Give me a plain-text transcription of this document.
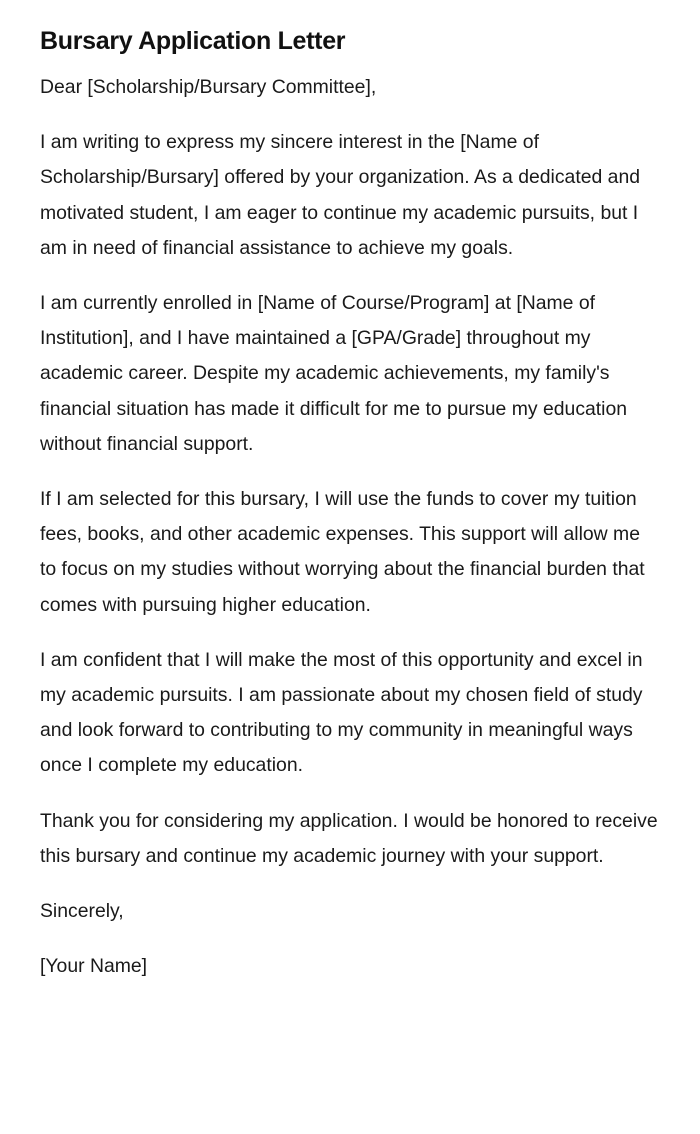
Bursary Application Letter

Dear [Scholarship/Bursary Committee],

I am writing to express my sincere interest in the [Name of Scholarship/Bursary] offered by your organization. As a dedicated and motivated student, I am eager to continue my academic pursuits, but I am in need of financial assistance to achieve my goals.

I am currently enrolled in [Name of Course/Program] at [Name of Institution], and I have maintained a [GPA/Grade] throughout my academic career. Despite my academic achievements, my family's financial situation has made it difficult for me to pursue my education without financial support.

If I am selected for this bursary, I will use the funds to cover my tuition fees, books, and other academic expenses. This support will allow me to focus on my studies without worrying about the financial burden that comes with pursuing higher education.

I am confident that I will make the most of this opportunity and excel in my academic pursuits. I am passionate about my chosen field of study and look forward to contributing to my community in meaningful ways once I complete my education.

Thank you for considering my application. I would be honored to receive this bursary and continue my academic journey with your support.

Sincerely,

[Your Name]
